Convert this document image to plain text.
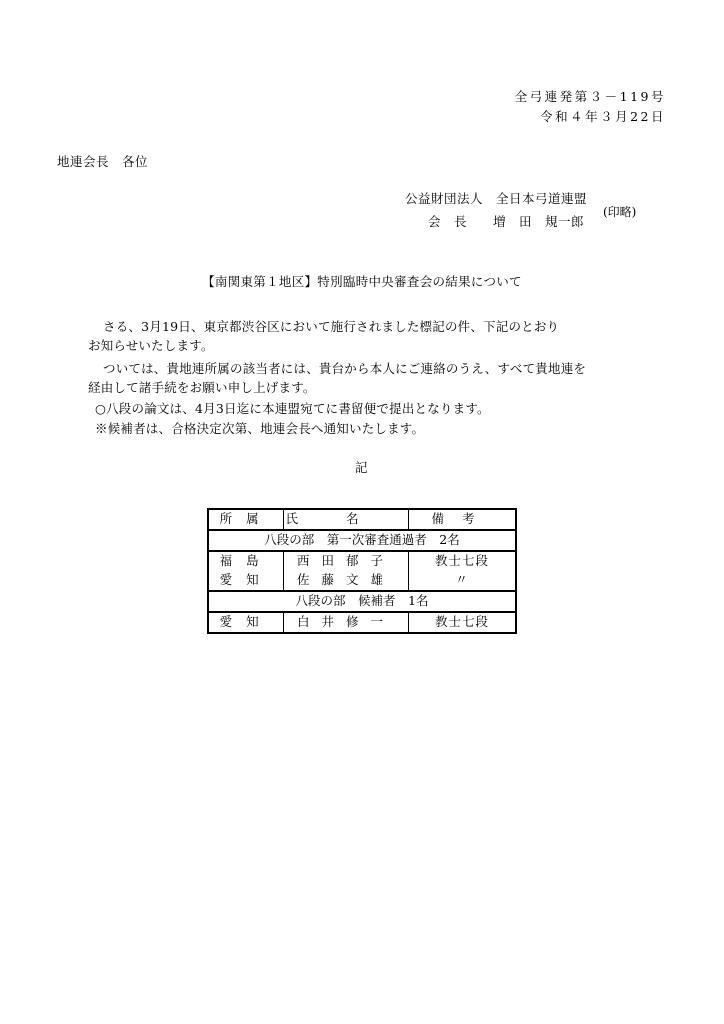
全弓連発第３－119号
令和４年３月22日
地連会長　各位
公益財団法人　全日本弓道連盟
会　長　　増　田　規一郎
(印略)
【南関東第１地区】特別臨時中央審査会の結果について
さる、3月19日、東京都渋谷区において施行されました標記の件、下記のとおり
お知らせいたします。
ついては、貴地連所属の該当者には、貴台から本人にご連絡のうえ、すべて貴地連を
経由して諸手続をお願い申し上げます。
○八段の論文は、4月3日迄に本連盟宛てに書留便で提出となります。
※候補者は、合格決定次第、地連会長へ通知いたします。
記
所属	氏名	備考
八段の部　第一次審査通過者　2名		
福島	西田郁子	教士七段
愛知	佐藤文雄	〃
八段の部　候補者　1名		
愛知	白井修一	教士七段
